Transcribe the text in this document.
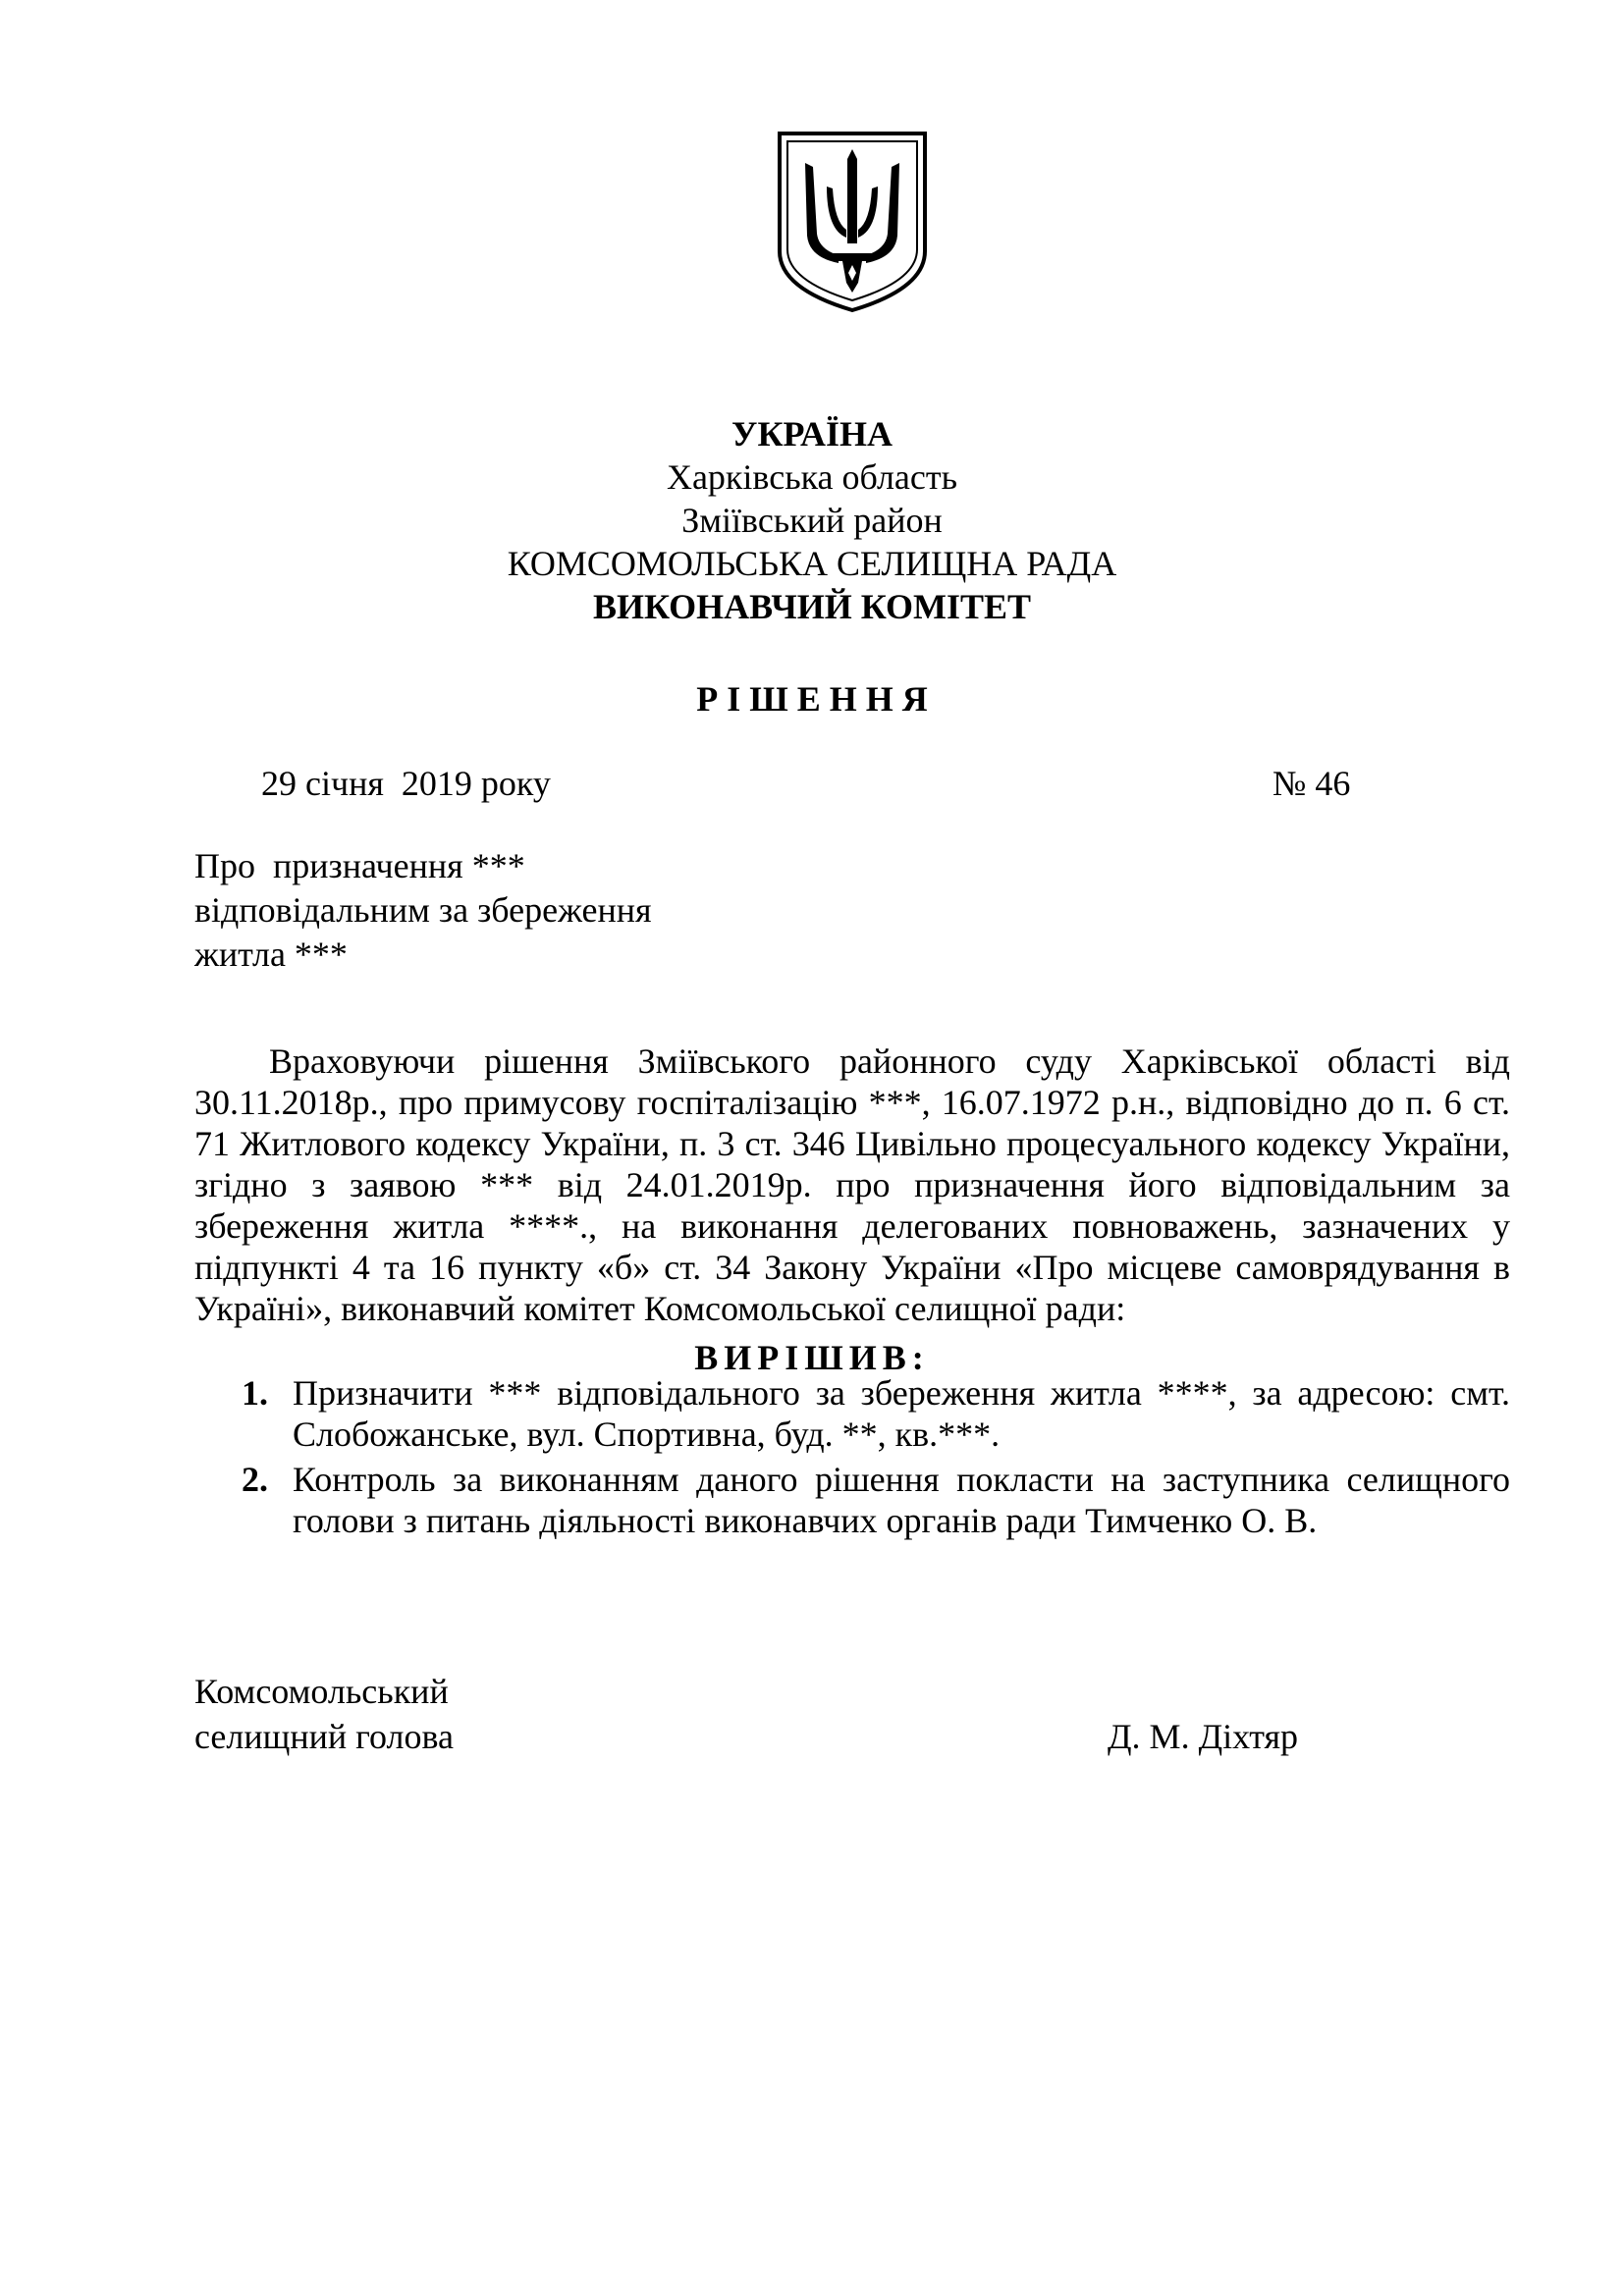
УКРАЇНА
Харківська область
Зміївський район
КОМСОМОЛЬСЬКА СЕЛИЩНА РАДА
ВИКОНАВЧИЙ КОМІТЕТ
Р І Ш Е Н Н Я
29 січня  2019 року	№ 46
Про  призначення ***
відповідальним за збереження
житла ***
Враховуючи рішення Зміївського районного суду Харківської області від 30.11.2018р., про примусову госпіталізацію ***, 16.07.1972 р.н., відповідно до п. 6 ст. 71 Житлового кодексу України, п. 3 ст. 346 Цивільно процесуального кодексу України, згідно з заявою *** від 24.01.2019р. про призначення його відповідальним за збереження житла ****., на виконання делегованих повноважень, зазначених у підпункті 4 та 16 пункту «б» ст. 34 Закону України «Про місцеве самоврядування в Україні», виконавчий комітет Комсомольської селищної ради:
ВИРІШИВ:
1. Призначити *** відповідального за збереження житла ****, за адресою: смт. Слобожанське, вул. Спортивна, буд. **, кв.***.
2. Контроль за виконанням даного рішення покласти на заступника селищного голови з питань діяльності виконавчих органів ради Тимченко О. В.
Комсомольський
селищний голова	Д. М. Діхтяр
